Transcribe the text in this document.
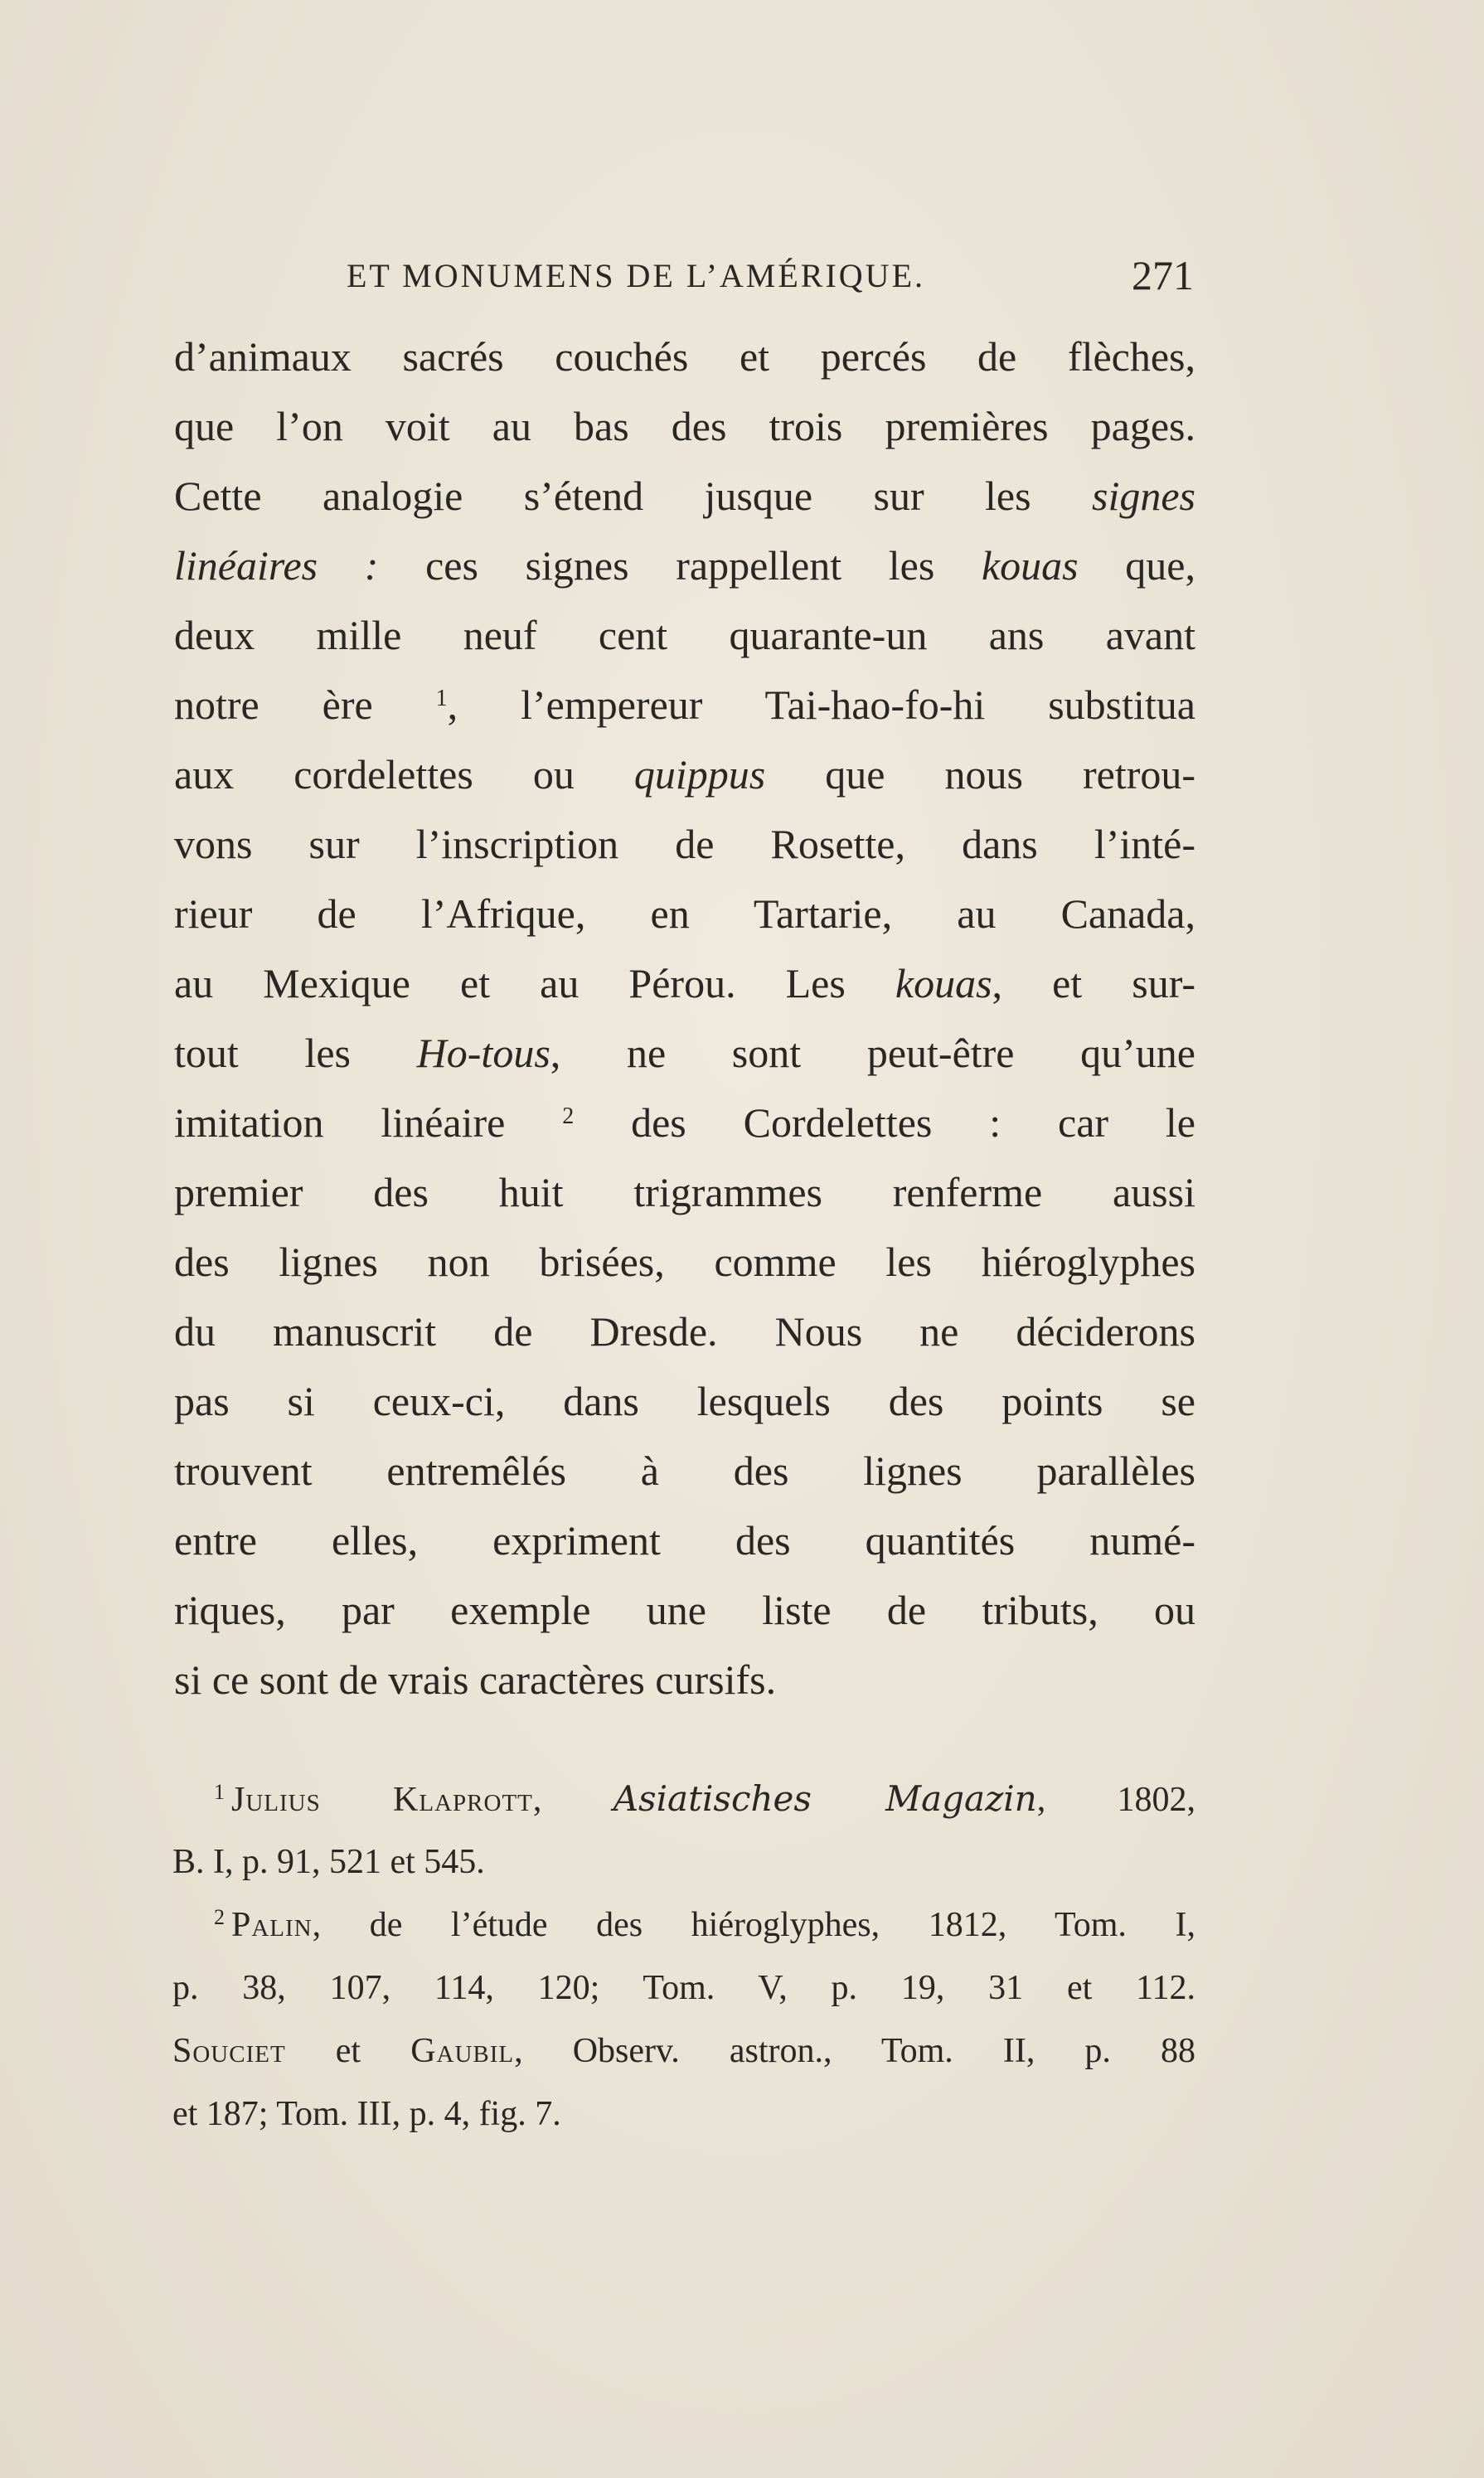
ET MONUMENS DE L’AMÉRIQUE.	271
d’animaux sacrés couchés et percés de flèches,
que l’on voit au bas des trois premières pages.
Cette analogie s’étend jusque sur les signes
linéaires : ces signes rappellent les kouas que,
deux mille neuf cent quarante-un ans avant
notre ère $^1$, l’empereur Tai-hao-fo-hi substitua
aux cordelettes ou quippus que nous retrou-
vons sur l’inscription de Rosette, dans l’inté-
rieur de l’Afrique, en Tartarie, au Canada,
au Mexique et au Pérou. Les kouas, et sur-
tout les Ho-tous, ne sont peut-être qu’une
imitation linéaire $^2$ des Cordelettes : car le
premier des huit trigrammes renferme aussi
des lignes non brisées, comme les hiéroglyphes
du manuscrit de Dresde. Nous ne déciderons
pas si ceux-ci, dans lesquels des points se
trouvent entremêlés à des lignes parallèles
entre elles, expriment des quantités numé-
riques, par exemple une liste de tributs, ou
si ce sont de vrais caractères cursifs.
$^1$ Julius Klaprott, Asiatisches Magazin, 1802,
B. I, p. 91, 521 et 545.
$^2$ Palin, de l’étude des hiéroglyphes, 1812, Tom. I,
p. 38, 107, 114, 120; Tom. V, p. 19, 31 et 112.
Souciet et Gaubil, Observ. astron., Tom. II, p. 88
et 187; Tom. III, p. 4, fig. 7.
